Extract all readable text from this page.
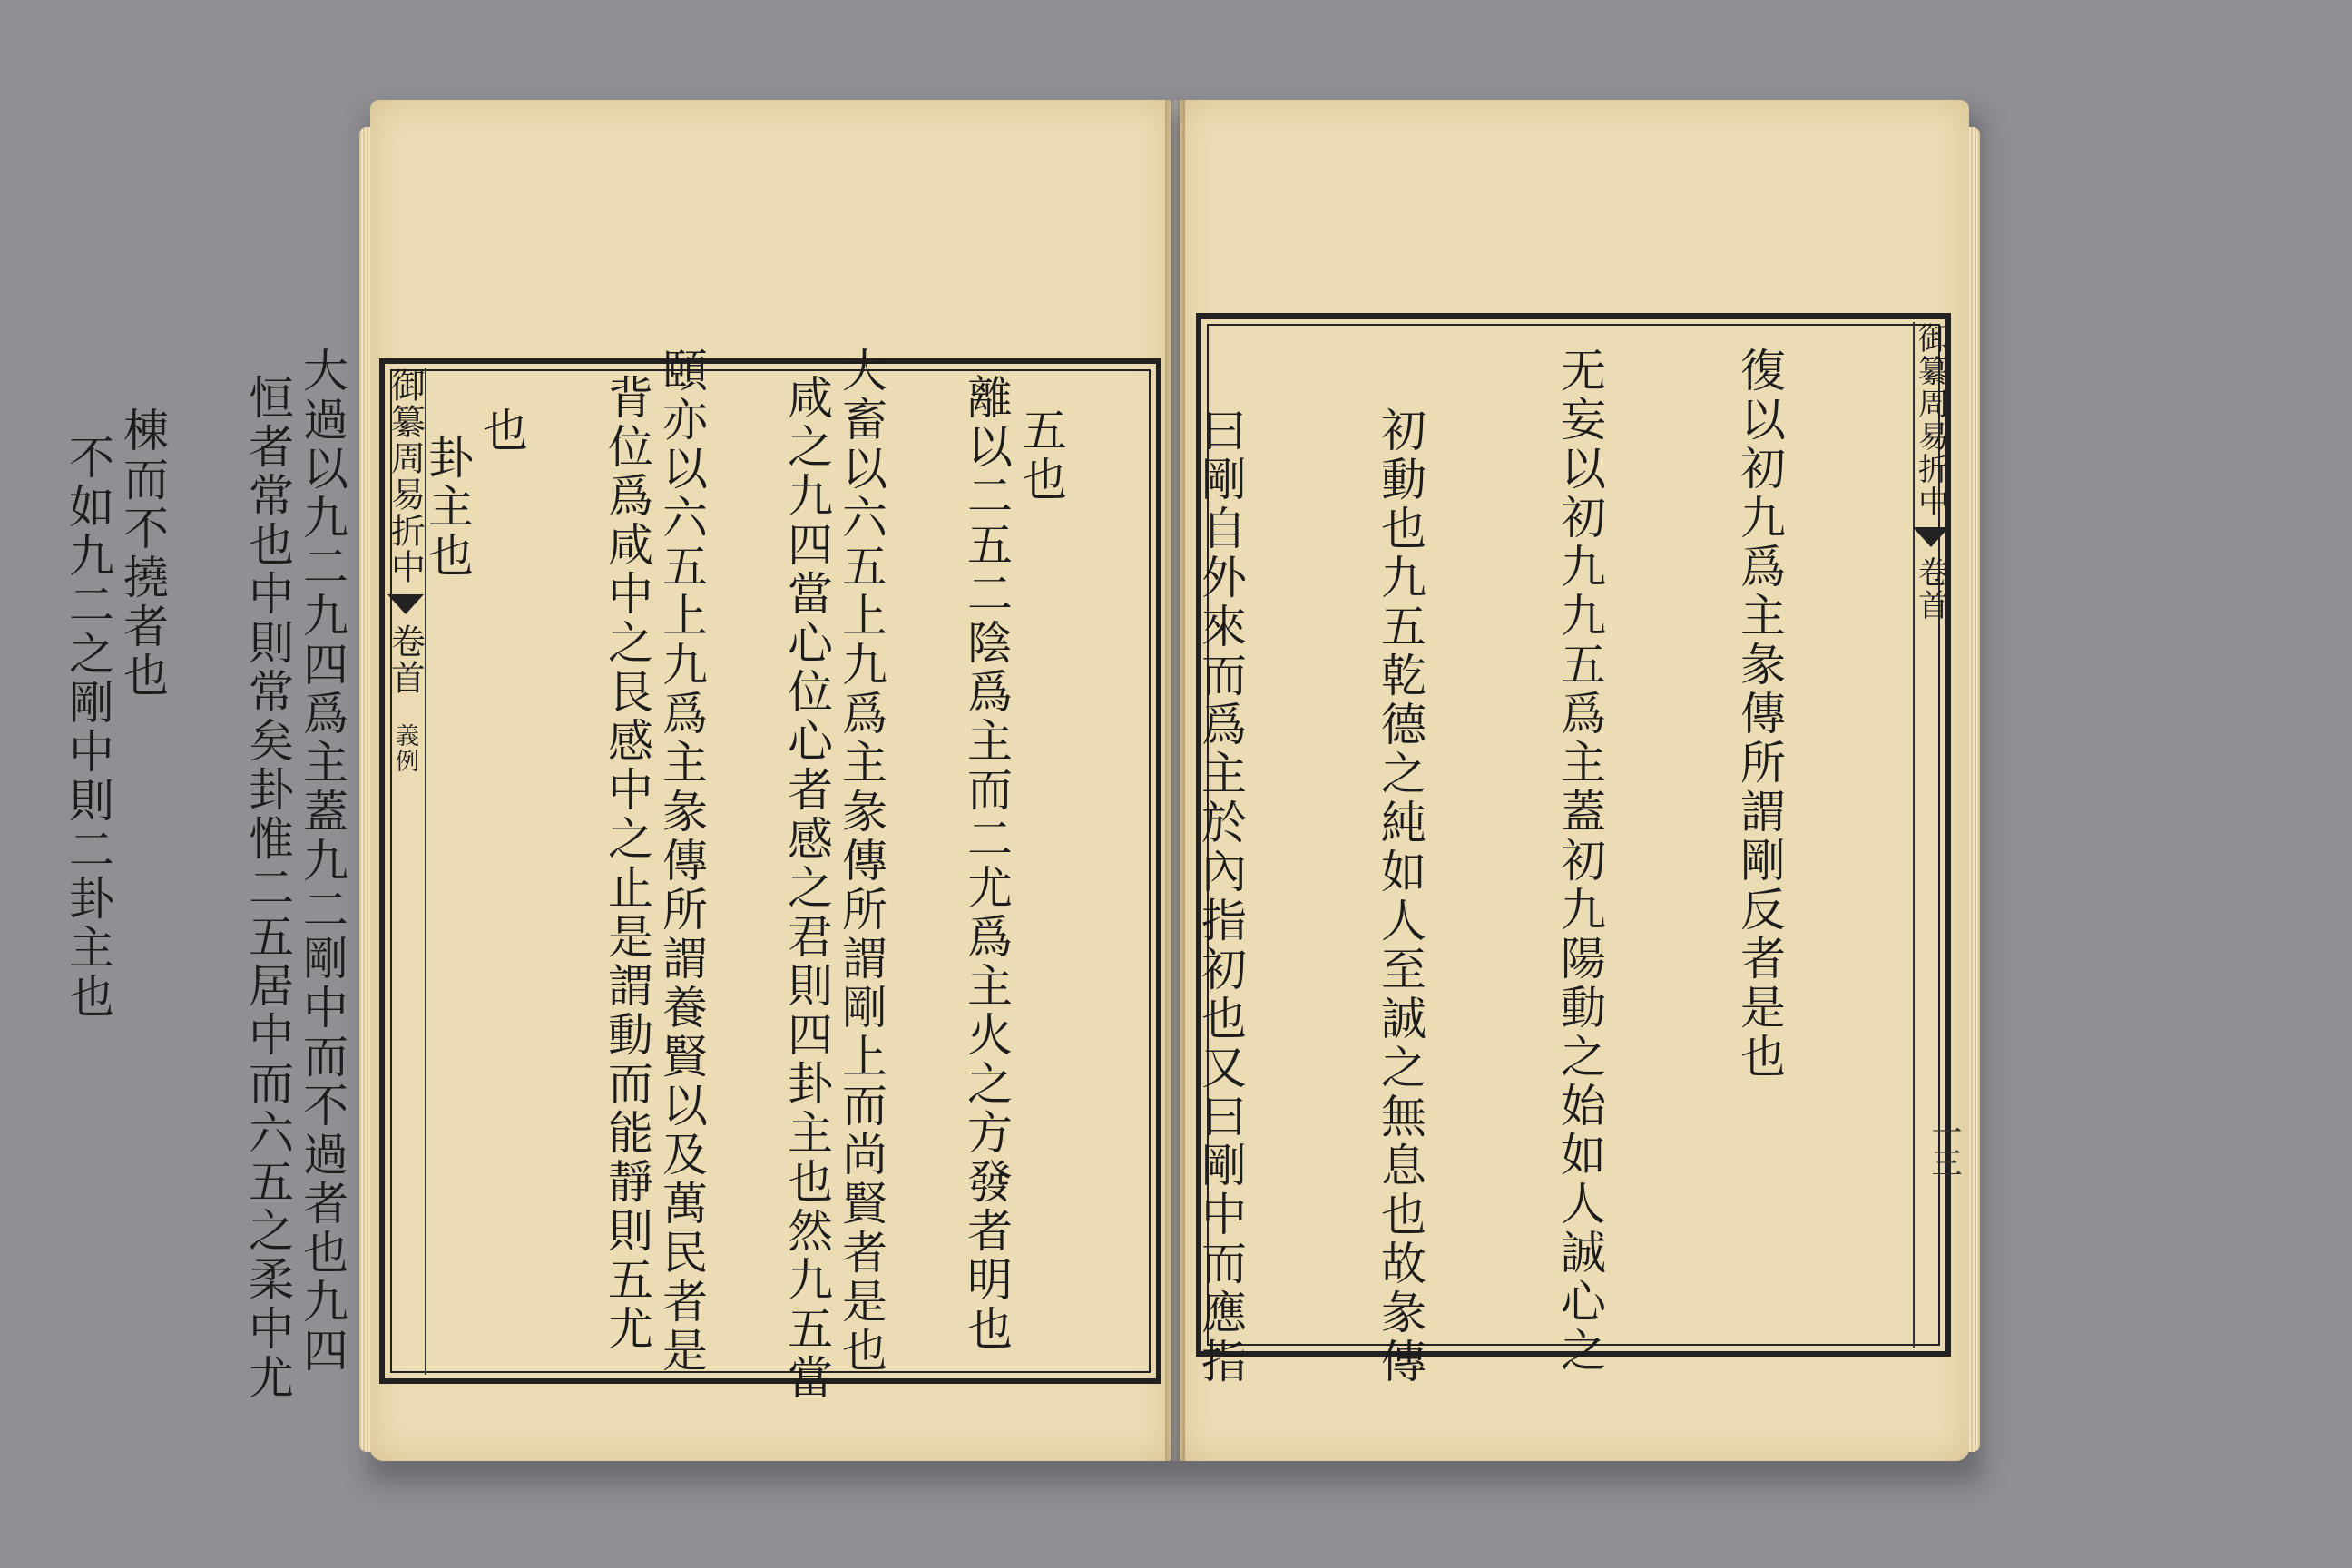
御纂周易折中
卷首
義例

	離以二五二陰爲主而二尤爲主火之方發者明也

咸之九四當心位心者感之君則四卦主也然九五當

背位爲咸中之艮感中之止是謂動而能靜則五尤

卦主也

恒者常也中則常矣卦惟二五居中而六五之柔中尤

不如九二之剛中則二卦主也

御纂周易折中
卷首
一三

復以初九爲主彖傳所謂剛反者是也

无妄以初九九五爲主蓋初九陽動之始如人誠心之

初動也九五乾德之純如人至誠之無息也故彖傳

曰剛自外來而爲主於內指初也又曰剛中而應指

五也

大畜以六五上九爲主彖傳所謂剛上而尚賢者是也

頤亦以六五上九爲主彖傳所謂養賢以及萬民者是

也

大過以九二九四爲主蓋九二剛中而不過者也九四

棟而不撓者也
